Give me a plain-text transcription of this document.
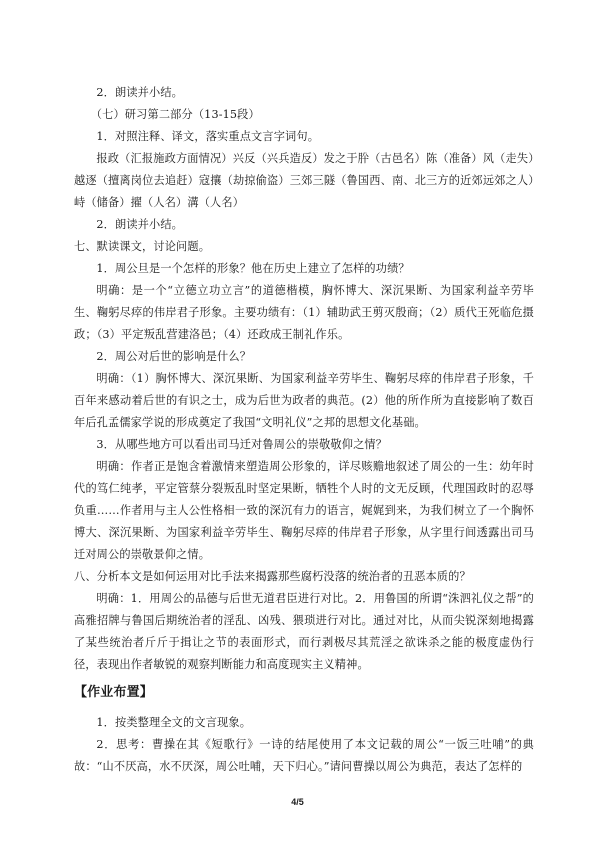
2．朗读并小结。

（七）研习第二部分（13-15段）

1．对照注释、译文，落实重点文言字词句。

报政（汇报施政方面情况）兴反（兴兵造反）发之于肸（古邑名）陈（准备）风（走失）越逐（擅离岗位去追赶）寇攘（劫掠偷盗）三郊三隧（鲁国西、南、北三方的近郊远郊之人）峙（储备）擢（人名）溝（人名）

2．朗读并小结。

七、默读课文，讨论问题。

1．周公旦是一个怎样的形象？他在历史上建立了怎样的功绩？

明确：是一个“立德立功立言”的道德楷模，胸怀博大、深沉果断、为国家利益辛劳毕生、鞠躬尽瘁的伟岸君子形象。主要功绩有：（1）辅助武王剪灭殷商；（2）质代王死临危摄政；（3）平定叛乱营建洛邑；（4）还政成王制礼作乐。

2．周公对后世的影响是什么？

明确：（1）胸怀博大、深沉果断、为国家利益辛劳毕生、鞠躬尽瘁的伟岸君子形象，千百年来感动着后世的有识之士，成为后世为政者的典范。(2）他的所作所为直接影响了数百年后孔孟儒家学说的形成奠定了我国“文明礼仪”之邦的思想文化基础。

3．从哪些地方可以看出司马迁对鲁周公的崇敬敬仰之情？

明确：作者正是饱含着激情来塑造周公形象的，详尽赅赡地叙述了周公的一生：幼年时代的笃仁纯孝，平定管蔡分裂叛乱时坚定果断，牺牲个人时的文无反顾，代理国政时的忍辱负重……作者用与主人公性格相一致的深沉有力的语言，娓娓到来，为我们树立了一个胸怀博大、深沉果断、为国家利益辛劳毕生、鞠躬尽瘁的伟岸君子形象，从字里行间透露出司马迁对周公的崇敬景仰之情。

八、分析本文是如何运用对比手法来揭露那些腐朽没落的统治者的丑恶本质的？

明确：1．用周公的品德与后世无道君臣进行对比。2．用鲁国的所谓“洙泗礼仪之帮”的高雅招牌与鲁国后期统治者的淫乱、凶残、猥琐进行对比。通过对比，从而尖锐深刻地揭露了某些统治者斤斤于揖让之节的表面形式，而行剥极尽其荒淫之欲诛杀之能的极度虚伪行径，表现出作者敏锐的观察判断能力和高度现实主义精神。

【作业布置】

1．按类整理全文的文言现象。

2．思考：曹操在其《短歌行》一诗的结尾使用了本文记载的周公“一饭三吐哺”的典故：“山不厌高，水不厌深，周公吐哺，天下归心。”请问曹操以周公为典范，表达了怎样的

4/5
